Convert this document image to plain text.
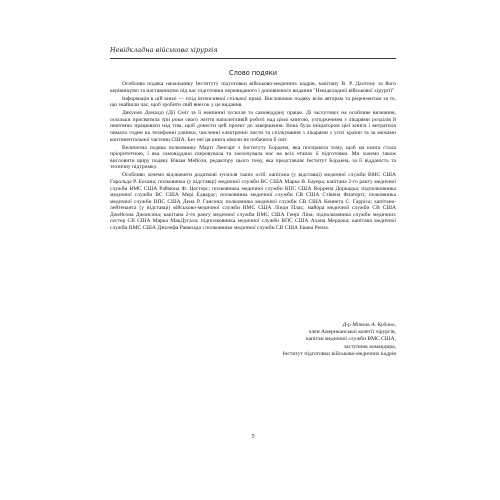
Невідкладна військова хірургія
Слово подяки

Особлива подяка начальнику Інституту підготовки військово-медичних кадрів, капітану В. Р. Далтону за його керівництво та наставництво під час підготовки перевиданого і доповненого видання "Невідкладної військової хірургії".

Інформація в цій книзі — плід інтенсивної спільної праці. Висловлюю подяку всім авторам та рецензентам за те, що знайшли час, щоб зробити свій внесок у це видання.

Дякуємо Доналді (Ді) Смiт за її невпинні зусилля та самовіддану працю. Ді заслуговує на особливе визнання, оскільки присвятила три роки свого життя наполегливій роботі над цією книгою, узгодженням з лікарями розділів й невтомно працювати над тим, щоб донести цей проект до завершення. Вона була ініціатором цієї книги і витратила чимало годин на телефонні дзвінки, численні електронні листи та спілкування з лікарями з усієї країни та за межами континентальної частини США. Без неї ця книга ніколи не побачила б світ.

Величезна подяка полковнику Марті Ленгарт з Інституту Бордена, яка посприяла тому, щоб ця книга стала пріоритетною, і яка самовіддано скеровувала та заохочувала нас на всіх етапах її підготовки. Ми хочемо також висловити щиру подяку Вівіан Мейсон, редактору цього тому, яка представляє Інститут Бордена, за її відданість та технічну підтримку.

Особливо хочемо відзначити додаткові зусилля таких осіб: капітана (у відставці) медичної служби ВМС США Гарольда Р. Бохана; полковника (у відставці) медичної служби ВС США Марка В. Бауера; капітана 2-го рангу медичної служби ВМС США Раймона Ф. Цестерс; полковника медичної служби ВПС США Воррена Доркадка; підполковника медичної служби ВС США Мері Едвардс; полковника медичної служби СВ США Стівена Флатерті; полковника медичної служби ВПС США Дена Р. Гансена; полковника медичної служби СВ США Кеннета С. Гарріса; капітана-лейтенанта (у відставці) військово-медичної служби ВМС США Лінди Плас; майора медичної служби СВ США Джейсона Джонсона; капітана 2-го рангу медичної служби ВМС США Генрі Ліна; підполковника служби медичних сестер СВ США Марка МакДугала; підполковника медичної служби ВПС США Алана Мердока; капітана медичної служби ВМС США Джозефа Раввоада і полковника медичної служби СВ США Евана Ренза.

Д-р Мітель А. Кубано,
член Американської колегії хірургів,
капітан медичної служби ВМС США,
заступник командира,
Інститут підготовки військово-медичних кадрів
5
